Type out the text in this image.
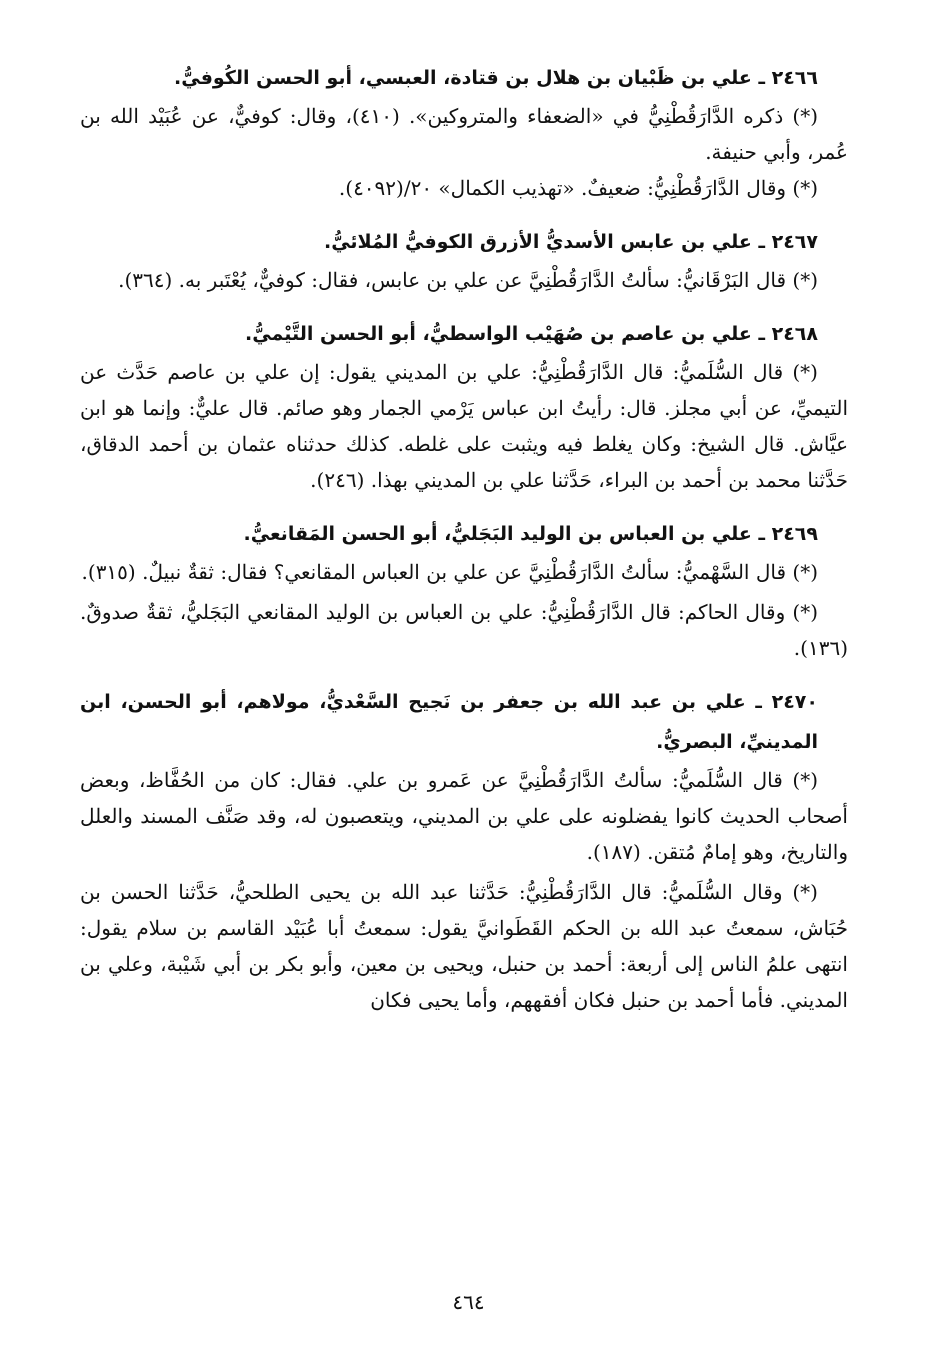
٢٤٦٦ ـ علي بن ظَبْيان بن هلال بن قتادة، العبسي، أبو الحسن الكُوفيُّ.

(*) ذكره الدَّارَقُطْنِيُّ في «الضعفاء والمتروكين». (٤١٠)، وقال: كوفيٌّ، عن عُبَيْد الله بن عُمر، وأبي حنيفة.

(*) وقال الدَّارَقُطْنِيُّ: ضعيفٌ. «تهذيب الكمال» ٢٠/(٤٠٩٢).

٢٤٦٧ ـ علي بن عابس الأسديُّ الأزرق الكوفيُّ المُلائيُّ.

(*) قال البَرْقَانيُّ: سألتُ الدَّارَقُطْنِيَّ عن علي بن عابس، فقال: كوفيٌّ، يُعْتَبر به. (٣٦٤).

٢٤٦٨ ـ علي بن عاصم بن صُهَيْب الواسطيُّ، أبو الحسن التَّيْميُّ.

(*) قال السُّلَميُّ: قال الدَّارَقُطْنِيُّ: علي بن المديني يقول: إن علي بن عاصم حَدَّث عن التيميِّ، عن أبي مجلز. قال: رأيتُ ابن عباس يَرْمي الجمار وهو صائم. قال عليٌّ: وإنما هو ابن عيَّاش. قال الشيخ: وكان يغلط فيه ويثبت على غلطه. كذلك حدثناه عثمان بن أحمد الدقاق، حَدَّثنا محمد بن أحمد بن البراء، حَدَّثنا علي بن المديني بهذا. (٢٤٦).

٢٤٦٩ ـ علي بن العباس بن الوليد البَجَليُّ، أبو الحسن المَقانعيُّ.

(*) قال السَّهْميُّ: سألتُ الدَّارَقُطْنِيَّ عن علي بن العباس المقانعي؟ فقال: ثقةٌ نبيلٌ. (٣١٥).

(*) وقال الحاكم: قال الدَّارَقُطْنِيُّ: علي بن العباس بن الوليد المقانعي البَجَليُّ، ثقةٌ صدوقٌ. (١٣٦).

٢٤٧٠ ـ علي بن عبد الله بن جعفر بن نَجيح السَّعْديُّ، مولاهم، أبو الحسن، ابن المدينيِّ، البصريُّ.

(*) قال السُّلَميُّ: سألتُ الدَّارَقُطْنِيَّ عن عَمرو بن علي. فقال: كان من الحُفَّاظ، وبعض أصحاب الحديث كانوا يفضلونه على علي بن المديني، ويتعصبون له، وقد صَنَّف المسند والعلل والتاريخ، وهو إمامٌ مُتقن. (١٨٧).

(*) وقال السُّلَميُّ: قال الدَّارَقُطْنِيُّ: حَدَّثنا عبد الله بن يحيى الطلحيُّ، حَدَّثنا الحسن بن حُبَاش، سمعتُ عبد الله بن الحكم القَطَوانيَّ يقول: سمعتُ أبا عُبَيْد القاسم بن سلام يقول: انتهى علمُ الناس إلى أربعة: أحمد بن حنبل، ويحيى بن معين، وأبو بكر بن أبي شَيْبة، وعلي بن المديني. فأما أحمد بن حنبل فكان أفقههم، وأما يحيى فكان

٤٦٤
